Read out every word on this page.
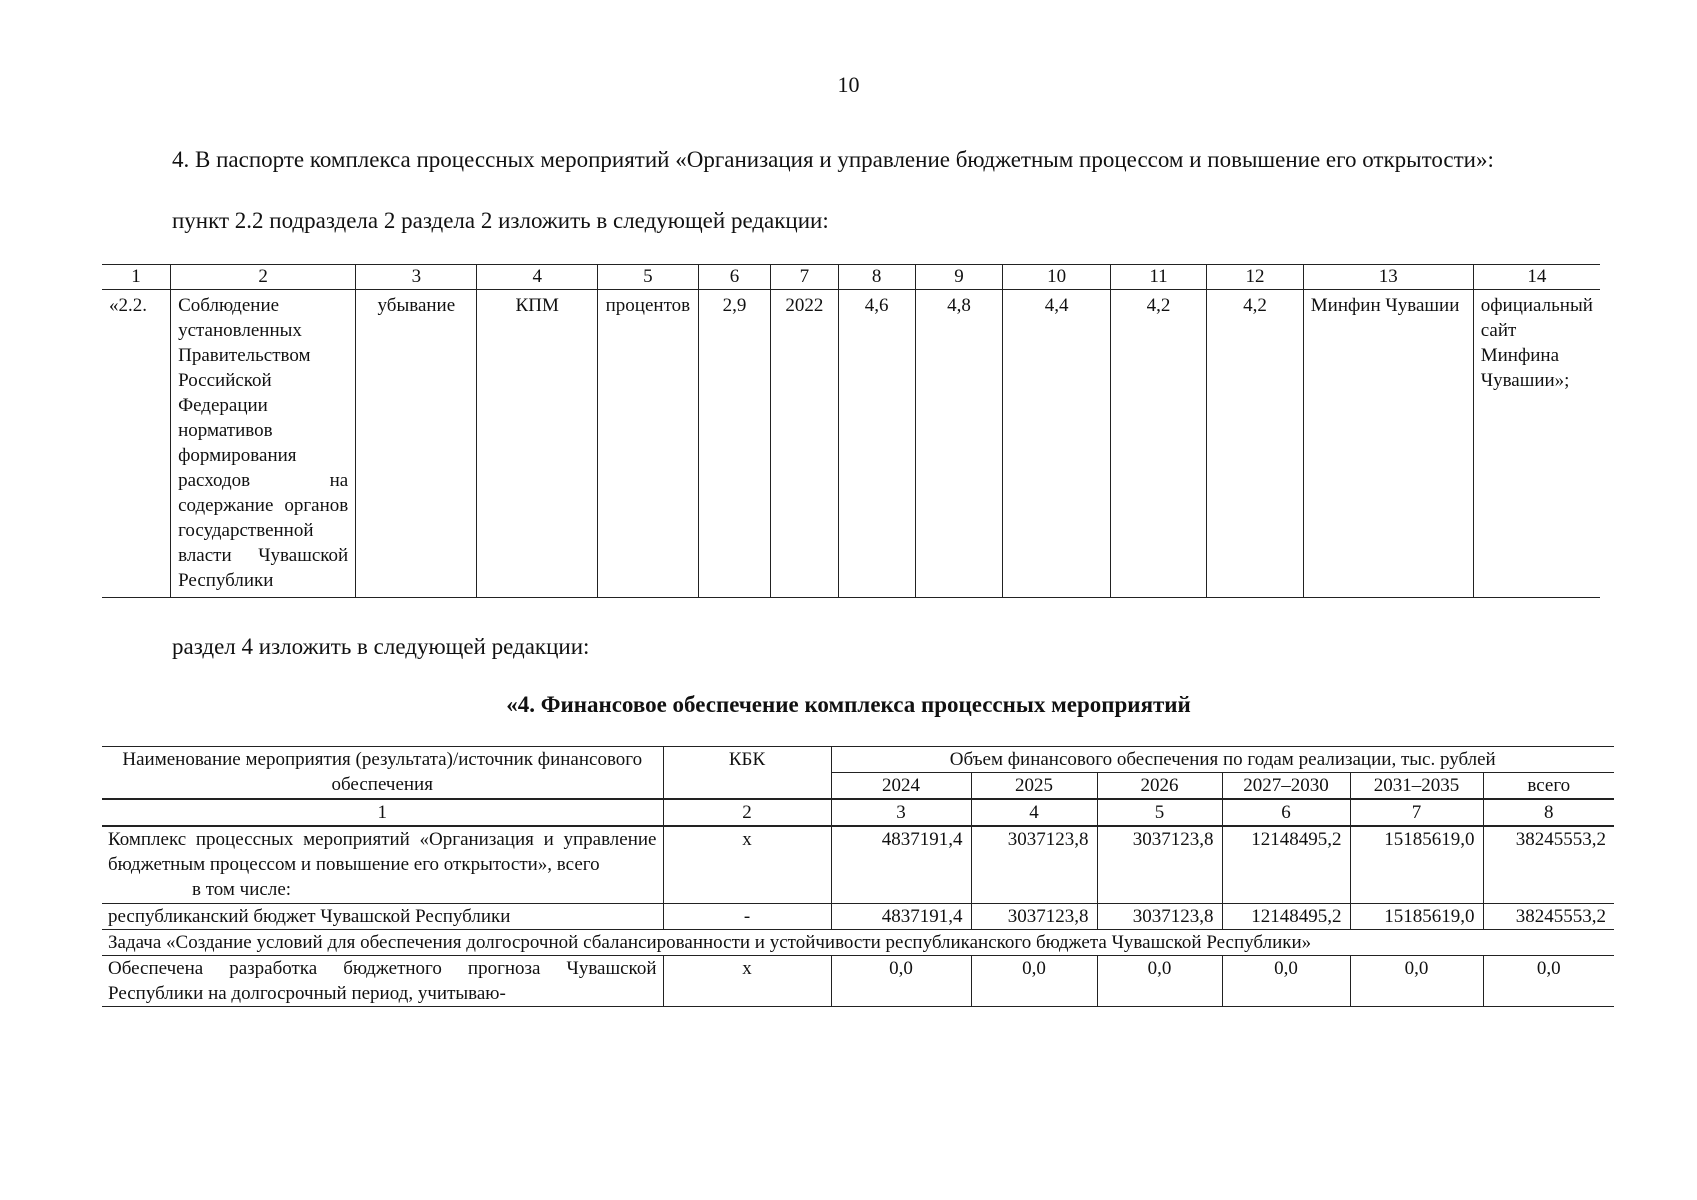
10

4. В паспорте комплекса процессных мероприятий «Организация и управление бюджетным процессом и повышение его открытости»:

пункт 2.2 подраздела 2 раздела 2 изложить в следующей редакции:

1	2	3	4	5	6	7	8	9	10	11	12	13	14
«2.2.	Соблюдение установленных Правительством Российской Федерации нормативов формирования расходов на содержание органов государственной власти Чувашской Республики	убывание	КПМ	процентов	2,9	2022	4,6	4,8	4,4	4,2	4,2	Минфин Чувашии	официальный сайт Минфина Чувашии»;

раздел 4 изложить в следующей редакции:

«4. Финансовое обеспечение комплекса процессных мероприятий

Наименование мероприятия (результата)/источник финансового обеспечения	КБК	Объем финансового обеспечения по годам реализации, тыс. рублей					
		2024	2025	2026	2027–2030	2031–2035	всего
1	2	3	4	5	6	7	8

Комплекс процессных мероприятий «Организация и управление бюджетным процессом и повышение его открытости», всего
в том числе:	х	4837191,4	3037123,8	3037123,8	12148495,2	15185619,0	38245553,2
республиканский бюджет Чувашской Республики	-	4837191,4	3037123,8	3037123,8	12148495,2	15185619,0	38245553,2
Задача «Создание условий для обеспечения долгосрочной сбалансированности и устойчивости республиканского бюджета Чувашской Республики»							
Обеспечена разработка бюджетного прогноза Чувашской Республики на долгосрочный период, учитываю-	х	0,0	0,0	0,0	0,0	0,0	0,0
